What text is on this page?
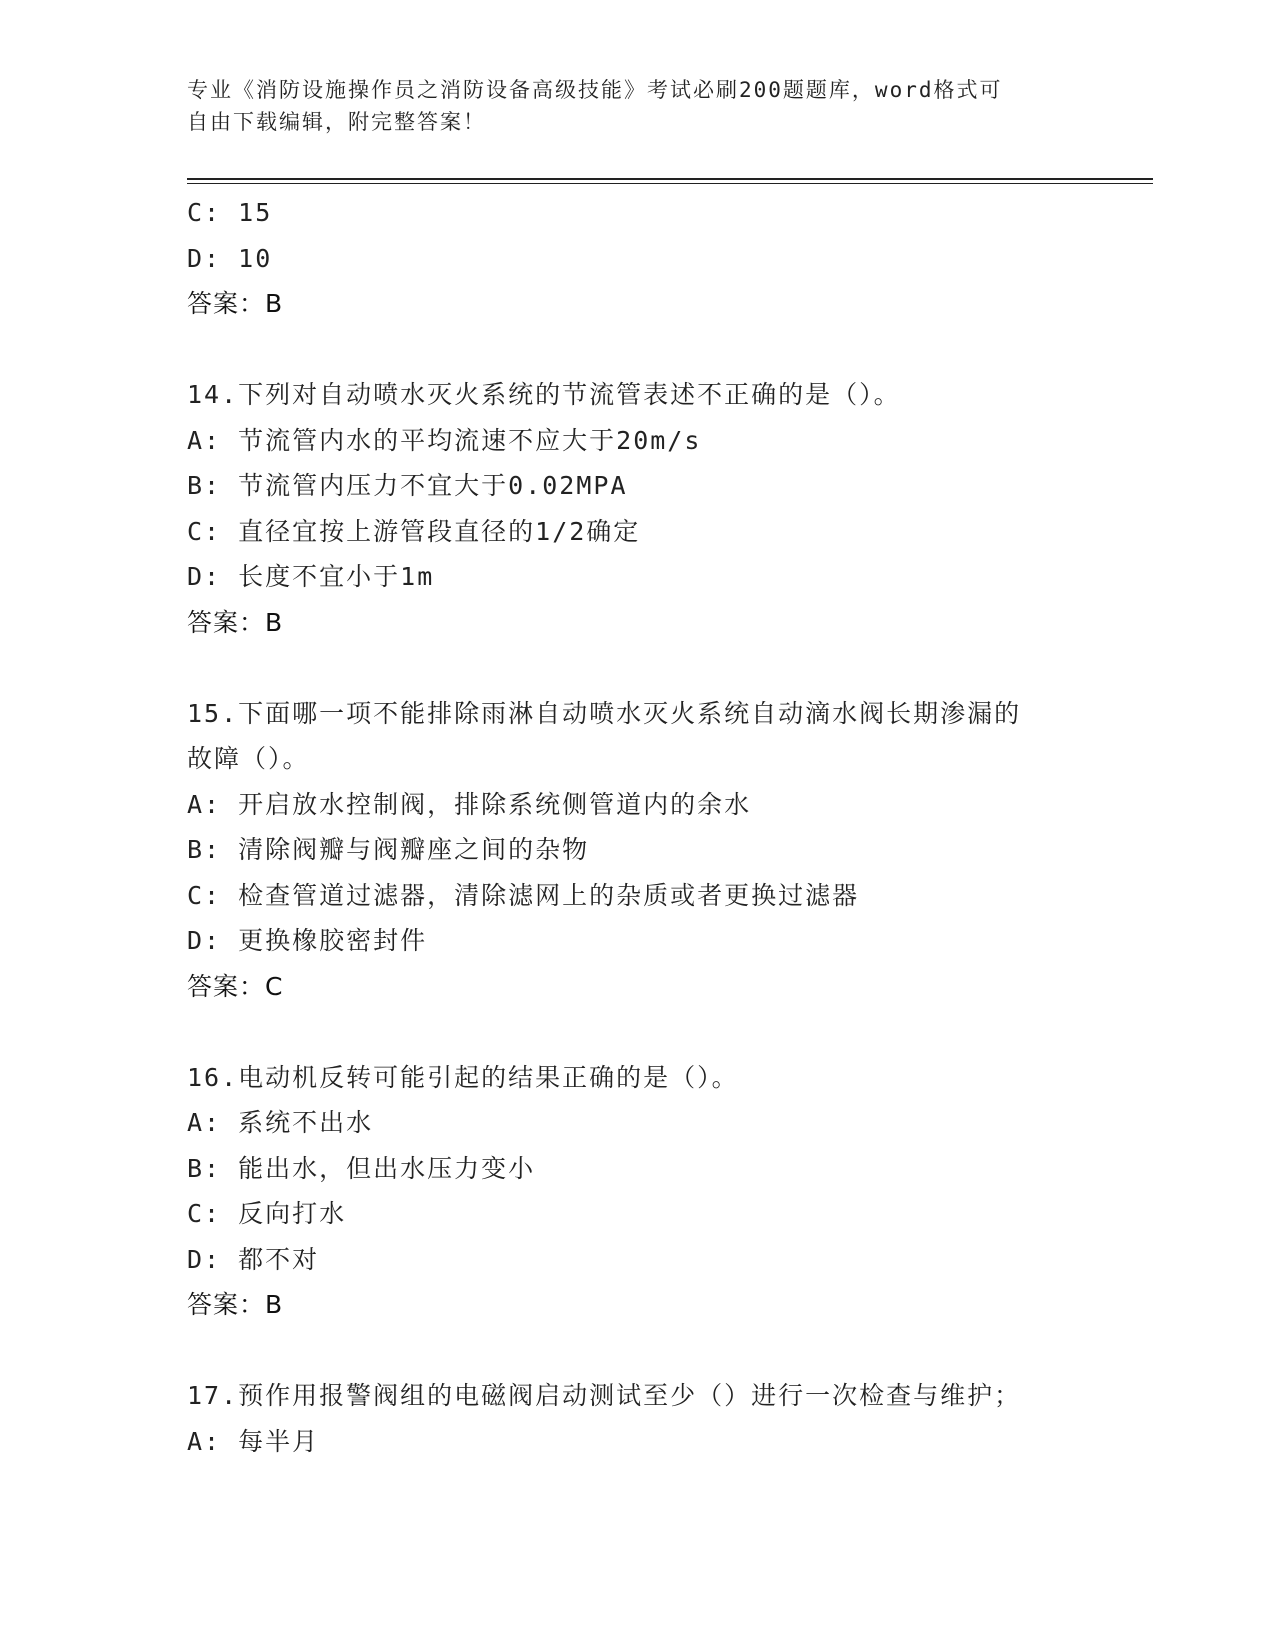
专业《消防设施操作员之消防设备高级技能》考试必刷200题题库，word格式可
自由下载编辑，附完整答案！
C: 15
D: 10
答案：B
14.下列对自动喷水灭火系统的节流管表述不正确的是（）。
A: 节流管内水的平均流速不应大于20m/s
B: 节流管内压力不宜大于0.02MPA
C: 直径宜按上游管段直径的1/2确定
D: 长度不宜小于1m
答案：B
15.下面哪一项不能排除雨淋自动喷水灭火系统自动滴水阀长期渗漏的
故障（）。
A: 开启放水控制阀，排除系统侧管道内的余水
B: 清除阀瓣与阀瓣座之间的杂物
C: 检查管道过滤器，清除滤网上的杂质或者更换过滤器
D: 更换橡胶密封件
答案：C
16.电动机反转可能引起的结果正确的是（）。
A: 系统不出水
B: 能出水，但出水压力变小
C: 反向打水
D: 都不对
答案：B
17.预作用报警阀组的电磁阀启动测试至少（）进行一次检查与维护；
A: 每半月
